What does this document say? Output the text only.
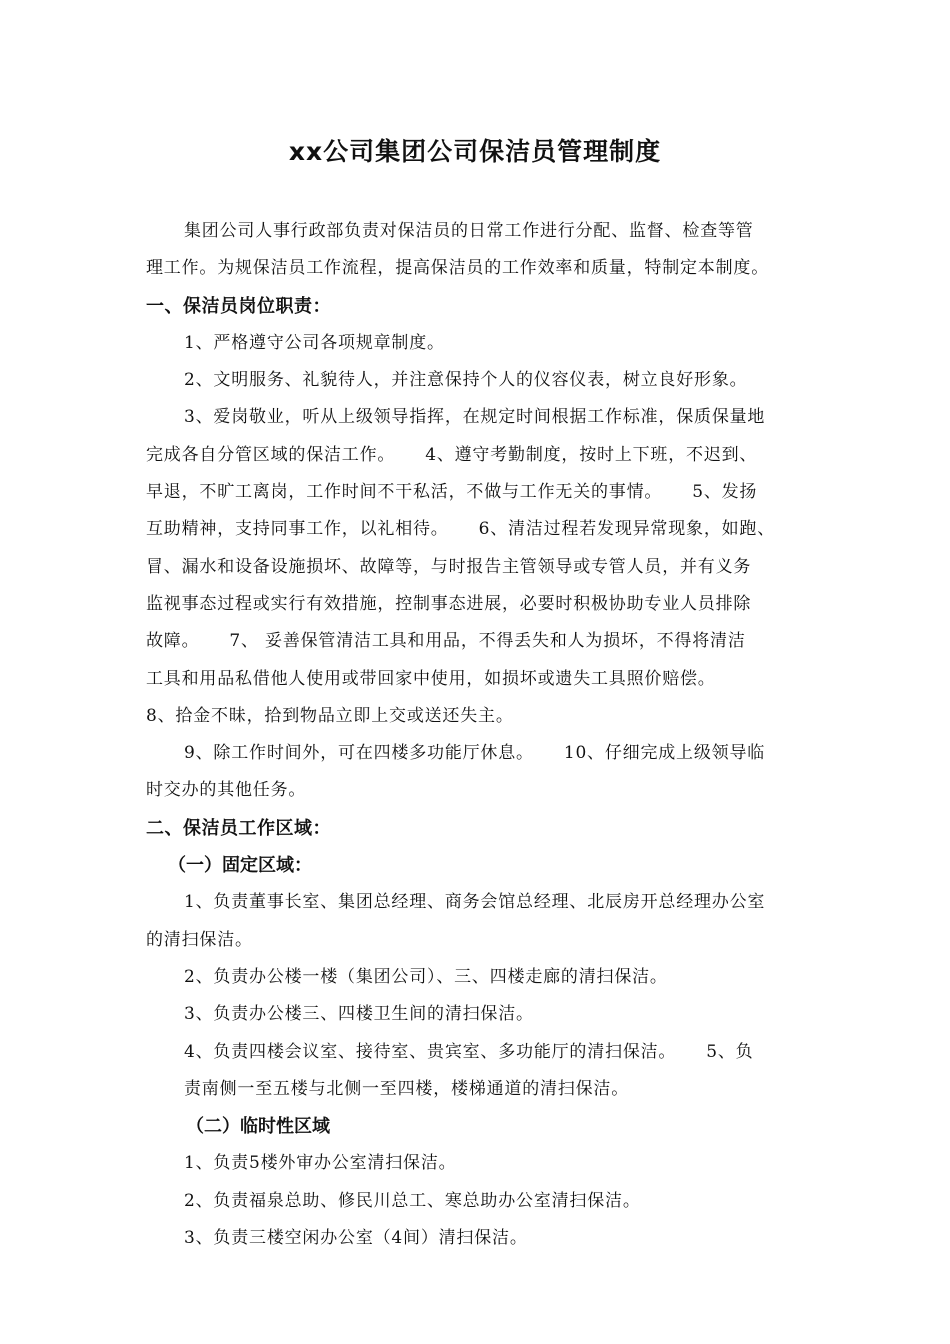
xx公司集团公司保洁员管理制度

集团公司人事行政部负责对保洁员的日常工作进行分配、监督、检查等管

理工作。为规保洁员工作流程，提高保洁员的工作效率和质量，特制定本制度。

一、保洁员岗位职责：

1、严格遵守公司各项规章制度。

2、文明服务、礼貌待人，并注意保持个人的仪容仪表，树立良好形象。

3、爱岗敬业，听从上级领导指挥，在规定时间根据工作标准，保质保量地

完成各自分管区域的保洁工作。 4、遵守考勤制度，按时上下班，不迟到、

早退，不旷工离岗，工作时间不干私活，不做与工作无关的事情。 5、发扬

互助精神，支持同事工作，以礼相待。 6、清洁过程若发现异常现象，如跑、

冒、漏水和设备设施损坏、故障等，与时报告主管领导或专管人员，并有义务

监视事态过程或实行有效措施，控制事态进展，必要时积极协助专业人员排除

故障。 7、 妥善保管清洁工具和用品，不得丢失和人为损坏，不得将清洁

工具和用品私借他人使用或带回家中使用，如损坏或遗失工具照价赔偿。

8、拾金不昧，拾到物品立即上交或送还失主。

9、除工作时间外，可在四楼多功能厅休息。 10、仔细完成上级领导临

时交办的其他任务。

二、保洁员工作区域：

（一）固定区域：

1、负责董事长室、集团总经理、商务会馆总经理、北辰房开总经理办公室

的清扫保洁。

2、负责办公楼一楼（集团公司）、三、四楼走廊的清扫保洁。

3、负责办公楼三、四楼卫生间的清扫保洁。

4、负责四楼会议室、接待室、贵宾室、多功能厅的清扫保洁。 5、负

责南侧一至五楼与北侧一至四楼，楼梯通道的清扫保洁。

（二）临时性区域

1、负责5楼外审办公室清扫保洁。

2、负责福泉总助、修民川总工、寒总助办公室清扫保洁。

3、负责三楼空闲办公室（4间）清扫保洁。
